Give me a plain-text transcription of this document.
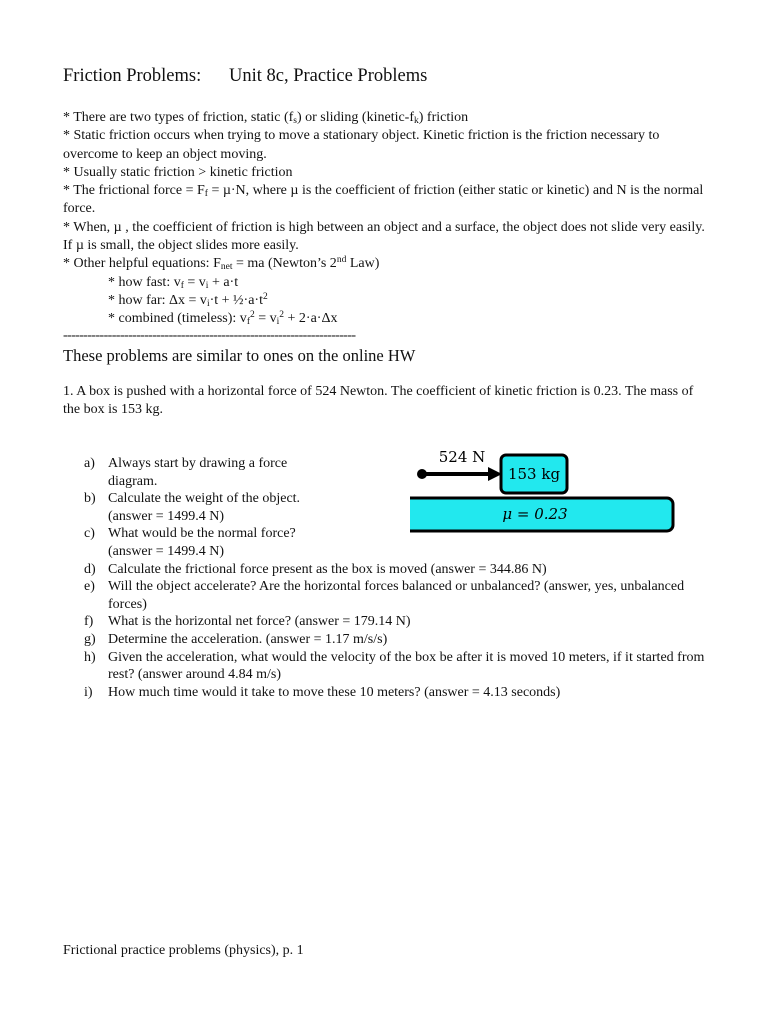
Friction Problems:      Unit 8c, Practice Problems

* There are two types of friction, static $(f_s)$ or sliding $(kinetic-f_k)$ friction

* Static friction occurs when trying to move a stationary object. Kinetic friction is the friction necessary to overcome to keep an object moving.

* Usually static friction > kinetic friction

* The frictional force = $F_f = \mu\cdot N$, where µ is the coefficient of friction (either static or kinetic) and N is the normal force.

* When, µ , the coefficient of friction is high between an object and a surface, the object does not slide very easily. If µ is small, the object slides more easily.

* Other helpful equations: $F_{net}$ = ma (Newton’s 2nd Law)

* how fast: $v_f = v_i + a\cdot t$

* how far: $\Delta x = v_i\cdot t$ + $\frac{1}{2}\cdot a\cdot t^2$

* combined (timeless): $v_f^2 = v_i^2 + 2\cdot a\cdot\Delta x$

------------------------------------------------------------------------
These problems are similar to ones on the online HW

1. A box is pushed with a horizontal force of 524 Newton. The coefficient of kinetic friction is 0.23. The mass of the box is 153 kg.

μ = 0.23
153 kg
524 N
a) Always start by drawing a force diagram.
b) Calculate the weight of the object.(answer = 1499.4 N)
c) What would be the normal force? (answer = 1499.4 N)
d) Calculate the frictional force present as the box is moved (answer = 344.86 N)
e) Will the object accelerate? Are the horizontal forces balanced or unbalanced? (answer, yes, unbalanced forces)
f) What is the horizontal net force? (answer = 179.14 N)
g) Determine the acceleration. (answer = 1.17 m/s/s)
h) Given the acceleration, what would the velocity of the box be after it is moved 10 meters, if it started from rest? (answer around 4.84 m/s)
i) How much time would it take to move these 10 meters? (answer = 4.13 seconds)
Frictional practice problems (physics), p. 1
